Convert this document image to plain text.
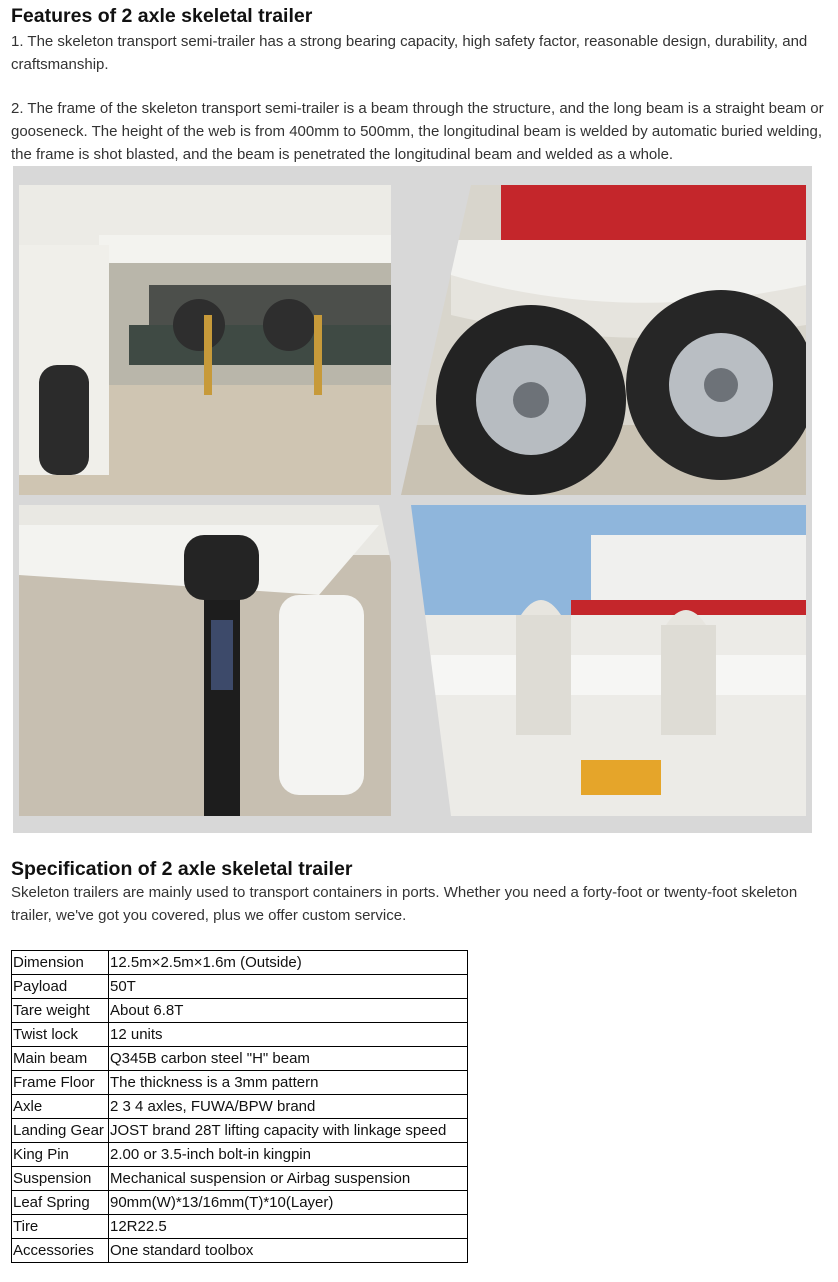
Features of 2 axle skeletal trailer

1. The skeleton transport semi-trailer has a strong bearing capacity, high safety factor, reasonable design, durability, and craftsmanship.

2. The frame of the skeleton transport semi-trailer is a beam through the structure, and the long beam is a straight beam or gooseneck. The height of the web is from 400mm to 500mm, the longitudinal beam is welded by automatic buried welding, the frame is shot blasted, and the beam is penetrated the longitudinal beam and welded as a whole.

Specification of 2 axle skeletal trailer

Skeleton trailers are mainly used to transport containers in ports. Whether you need a forty-foot or twenty-foot skeleton trailer, we've got you covered, plus we offer custom service.

Dimension	12.5m×2.5m×1.6m (Outside)
Payload	50T
Tare weight	About 6.8T
Twist lock	12 units
Main beam	Q345B carbon steel "H" beam
Frame Floor	The thickness is a 3mm pattern
Axle	2 3 4 axles, FUWA/BPW brand
Landing Gear	JOST brand 28T lifting capacity with linkage speed
King Pin	2.00 or 3.5-inch bolt-in kingpin
Suspension	Mechanical suspension or Airbag suspension
Leaf Spring	90mm(W)*13/16mm(T)*10(Layer)
Tire	12R22.5
Accessories	One standard toolbox
